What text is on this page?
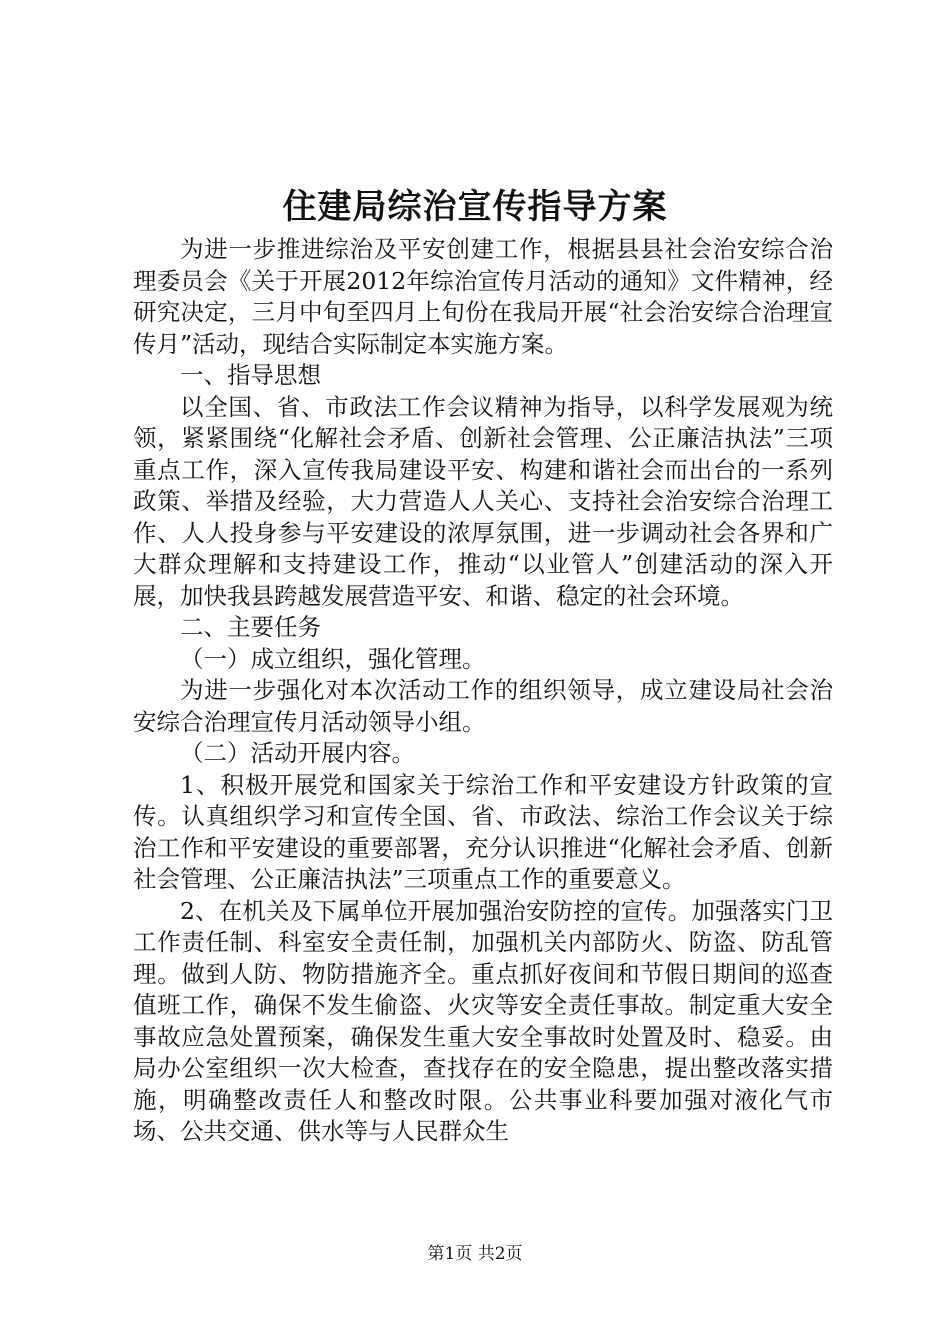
住建局综治宣传指导方案

为进一步推进综治及平安创建工作，根据县县社会治安综合治理委员会《关于开展2012年综治宣传月活动的通知》文件精神，经研究决定，三月中旬至四月上旬份在我局开展“社会治安综合治理宣传月”活动，现结合实际制定本实施方案。

一、指导思想

以全国、省、市政法工作会议精神为指导，以科学发展观为统领，紧紧围绕“化解社会矛盾、创新社会管理、公正廉洁执法”三项重点工作，深入宣传我局建设平安、构建和谐社会而出台的一系列政策、举措及经验，大力营造人人关心、支持社会治安综合治理工作、人人投身参与平安建设的浓厚氛围，进一步调动社会各界和广大群众理解和支持建设工作，推动“以业管人”创建活动的深入开展，加快我县跨越发展营造平安、和谐、稳定的社会环境。

二、主要任务

（一）成立组织，强化管理。

为进一步强化对本次活动工作的组织领导，成立建设局社会治安综合治理宣传月活动领导小组。

（二）活动开展内容。

1、积极开展党和国家关于综治工作和平安建设方针政策的宣传。认真组织学习和宣传全国、省、市政法、综治工作会议关于综治工作和平安建设的重要部署，充分认识推进“化解社会矛盾、创新社会管理、公正廉洁执法”三项重点工作的重要意义。

2、在机关及下属单位开展加强治安防控的宣传。加强落实门卫工作责任制、科室安全责任制，加强机关内部防火、防盗、防乱管理。做到人防、物防措施齐全。重点抓好夜间和节假日期间的巡查值班工作，确保不发生偷盗、火灾等安全责任事故。制定重大安全事故应急处置预案，确保发生重大安全事故时处置及时、稳妥。由局办公室组织一次大检查，查找存在的安全隐患，提出整改落实措施，明确整改责任人和整改时限。公共事业科要加强对液化气市场、公共交通、供水等与人民群众生

第1页 共2页
